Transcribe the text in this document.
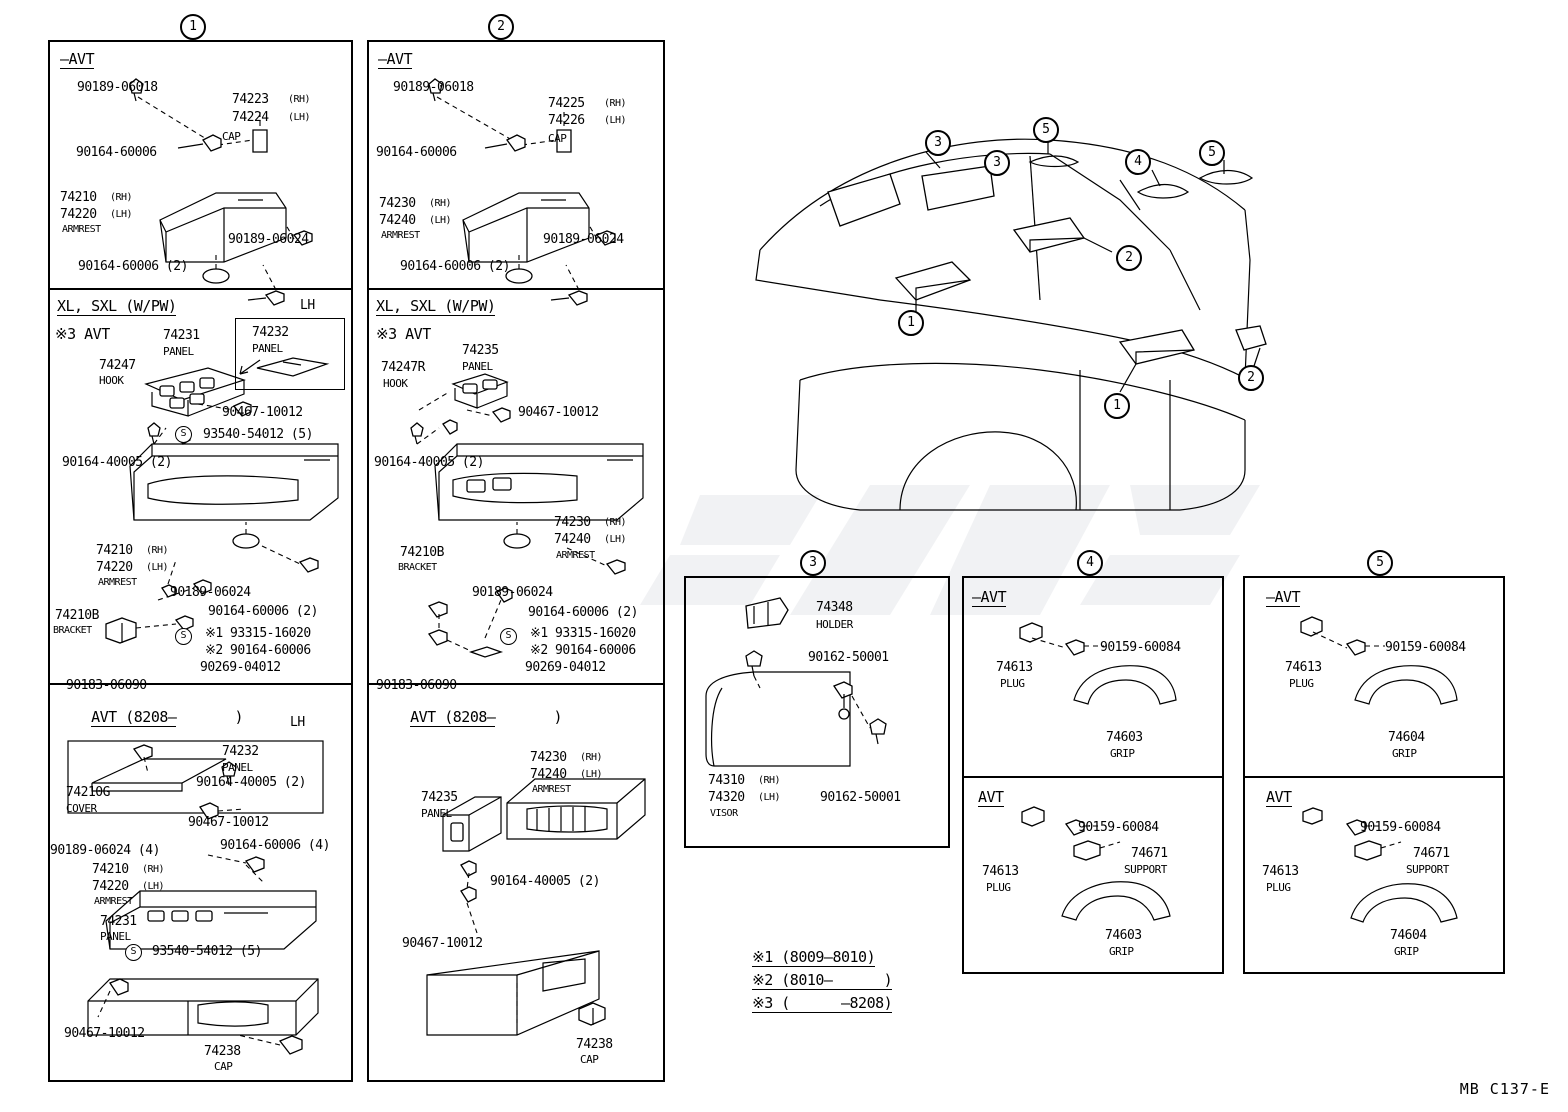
1	2
—AVT
90189-06018
74223 (RH)
74224 (LH)
CAP
90164-60006
74210 (RH)
74220 (LH)
ARMREST
90189-06024
90164-60006 (2)
—AVT
90189-06018
74225 (RH)
74226 (LH)
CAP
90164-60006
74230 (RH)
74240 (LH)
ARMREST	90189-06024
90164-60006 (2)
XL, SXL (W/PW)	LH
※3 AVT	74232
PANEL
S
S
74231
PANEL
74247
HOOK
90467-10012
93540-54012 (5)
90164-40005 (2)
74210 (RH)
74220 (LH)
ARMREST
90189-06024
90164-60006 (2)
74210B
BRACKET	※1 93315-16020
※2 90164-60006
90269-04012
90183-06090
XL, SXL (W/PW)
※3 AVT
S
74235
PANEL
74247R
HOOK
90467-10012
90164-40005 (2)
74230 (RH)
74240 (LH)
ARMREST
74210B
BRACKET
90189-06024
90164-60006 (2)
※1 93315-16020
※2 90164-60006
90269-04012
90183-06090

AVT (8208—	)
	LH
S
74232
PANEL
74210G
COVER
90164-40005 (2)
90467-10012
90189-06024 (4)	90164-60006 (4)
74210 (RH)
74220 (LH)
ARMREST
74231
PANEL
93540-54012 (5)
90467-10012
74238
CAP

AVT (8208—	)

74230 (RH)
74240 (LH)
ARMREST
74235
PANEL
90164-40005 (2)
90467-10012
74238
CAP
3
5
3	4
5
2
1
1
2
3
74348
HOLDER
90162-50001
74310 (RH)
74320 (LH)
VISOR
90162-50001
4
—AVT
74613
PLUG
90159-60084
74603
GRIP
AVT
74613
PLUG
90159-60084
74671
SUPPORT
74603
GRIP
5
—AVT
74613
PLUG
90159-60084
74604
GRIP
AVT
74613
PLUG
90159-60084
74671
SUPPORT
74604
GRIP

※1 (8009—8010)

※2 (8010—      )

※3 (      —8208)

MB C137-E
